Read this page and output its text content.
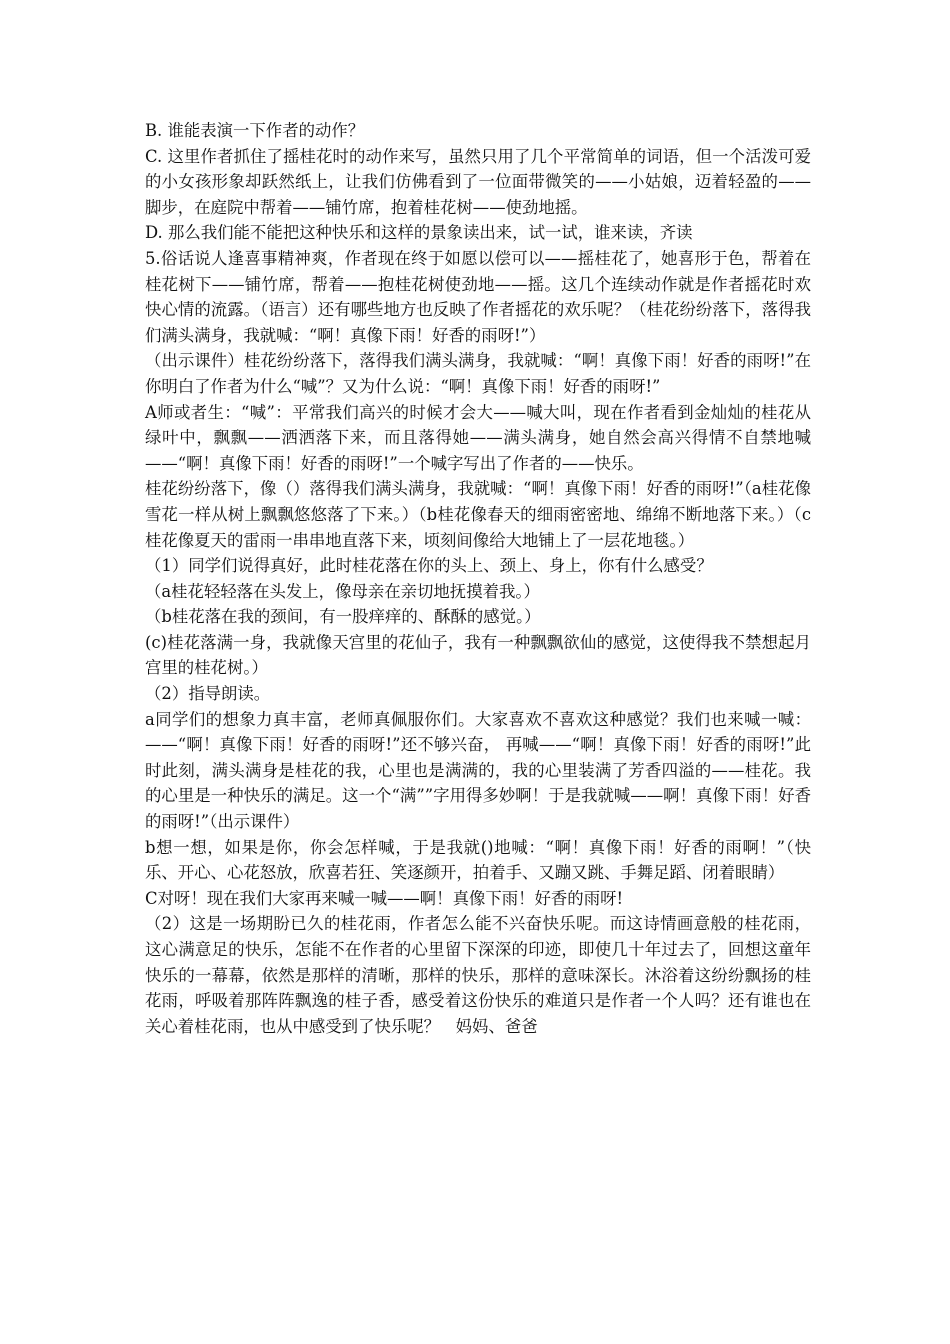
B. 谁能表演一下作者的动作？

C. 这里作者抓住了摇桂花时的动作来写，虽然只用了几个平常简单的词语，但一个活泼可爱的小女孩形象却跃然纸上，让我们仿佛看到了一位面带微笑的——小姑娘，迈着轻盈的——脚步，在庭院中帮着——铺竹席，抱着桂花树——使劲地摇。

D. 那么我们能不能把这种快乐和这样的景象读出来，试一试，谁来读，齐读

5.俗话说人逢喜事精神爽，作者现在终于如愿以偿可以——摇桂花了，她喜形于色，帮着在桂花树下——铺竹席，帮着——抱桂花树使劲地——摇。这几个连续动作就是作者摇花时欢快心情的流露。（语言）还有哪些地方也反映了作者摇花的欢乐呢？（桂花纷纷落下，落得我们满头满身，我就喊：“啊！真像下雨！好香的雨呀!”）

（出示课件）桂花纷纷落下，落得我们满头满身，我就喊：“啊！真像下雨！好香的雨呀!”在你明白了作者为什么“喊”？又为什么说：“啊！真像下雨！好香的雨呀!”

A师或者生：“喊”：平常我们高兴的时候才会大——喊大叫，现在作者看到金灿灿的桂花从绿叶中，飘飘——洒洒落下来，而且落得她——满头满身，她自然会高兴得情不自禁地喊——“啊！真像下雨！好香的雨呀!”一个喊字写出了作者的——快乐。

桂花纷纷落下，像（）落得我们满头满身，我就喊：“啊！真像下雨！好香的雨呀!”（a桂花像雪花一样从树上飘飘悠悠落了下来。）（b桂花像春天的细雨密密地、绵绵不断地落下来。）（c桂花像夏天的雷雨一串串地直落下来，顷刻间像给大地铺上了一层花地毯。）

（1）同学们说得真好，此时桂花落在你的头上、颈上、身上，你有什么感受？

（a桂花轻轻落在头发上，像母亲在亲切地抚摸着我。）

（b桂花落在我的颈间，有一股痒痒的、酥酥的感觉。）

(c)桂花落满一身，我就像天宫里的花仙子，我有一种飘飘欲仙的感觉，这使得我不禁想起月宫里的桂花树。）

（2）指导朗读。

a同学们的想象力真丰富，老师真佩服你们。大家喜欢不喜欢这种感觉？我们也来喊一喊：——“啊！真像下雨！好香的雨呀!”还不够兴奋， 再喊——“啊！真像下雨！好香的雨呀!”此时此刻，满头满身是桂花的我，心里也是满满的，我的心里装满了芳香四溢的——桂花。我的心里是一种快乐的满足。这一个“满””字用得多妙啊！于是我就喊——啊！真像下雨！好香的雨呀!”（出示课件）

b想一想，如果是你，你会怎样喊，于是我就()地喊：“啊！真像下雨！好香的雨啊！”（快乐、开心、心花怒放，欣喜若狂、笑逐颜开，拍着手、又蹦又跳、手舞足蹈、闭着眼睛）

C对呀！现在我们大家再来喊一喊——啊！真像下雨！好香的雨呀!

（2）这是一场期盼已久的桂花雨，作者怎么能不兴奋快乐呢。而这诗情画意般的桂花雨，这心满意足的快乐，怎能不在作者的心里留下深深的印迹，即使几十年过去了，回想这童年快乐的一幕幕，依然是那样的清晰，那样的快乐，那样的意味深长。沐浴着这纷纷飘扬的桂花雨，呼吸着那阵阵飘逸的桂子香，感受着这份快乐的难道只是作者一个人吗？还有谁也在关心着桂花雨，也从中感受到了快乐呢？   妈妈、爸爸
